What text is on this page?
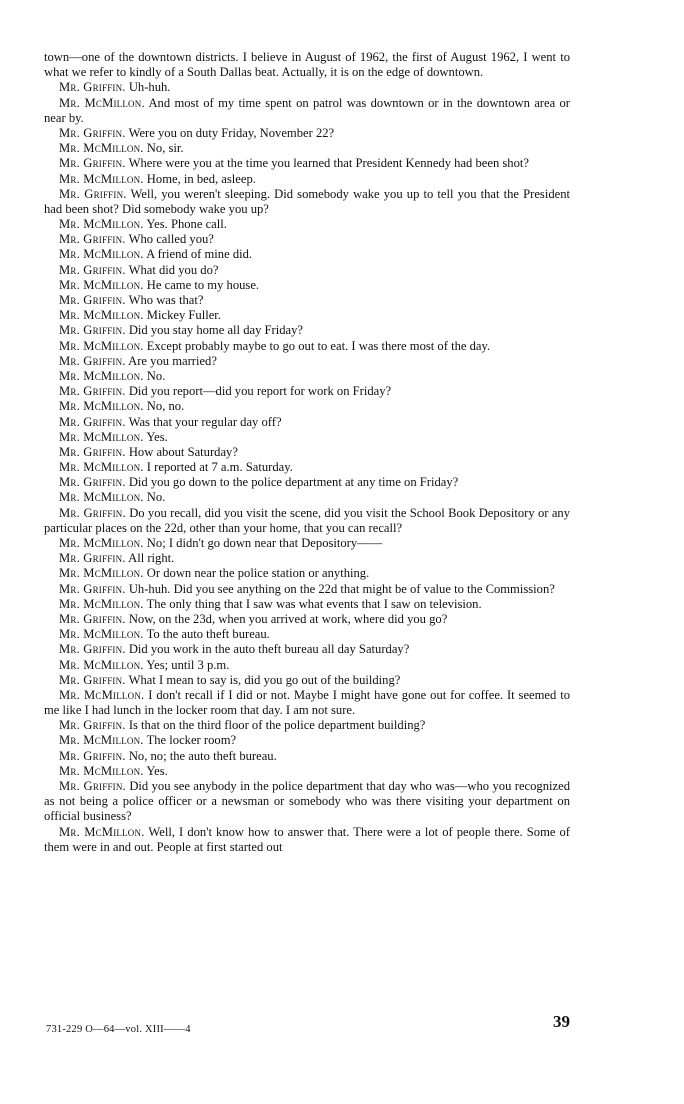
town—one of the downtown districts. I believe in August of 1962, the first of August 1962, I went to what we refer to kindly of a South Dallas beat. Actually, it is on the edge of downtown.

Mr. Griffin. Uh-huh.

Mr. McMillon. And most of my time spent on patrol was downtown or in the downtown area or near by.

Mr. Griffin. Were you on duty Friday, November 22?

Mr. McMillon. No, sir.

Mr. Griffin. Where were you at the time you learned that President Kennedy had been shot?

Mr. McMillon. Home, in bed, asleep.

Mr. Griffin. Well, you weren't sleeping. Did somebody wake you up to tell you that the President had been shot? Did somebody wake you up?

Mr. McMillon. Yes. Phone call.

Mr. Griffin. Who called you?

Mr. McMillon. A friend of mine did.

Mr. Griffin. What did you do?

Mr. McMillon. He came to my house.

Mr. Griffin. Who was that?

Mr. McMillon. Mickey Fuller.

Mr. Griffin. Did you stay home all day Friday?

Mr. McMillon. Except probably maybe to go out to eat. I was there most of the day.

Mr. Griffin. Are you married?

Mr. McMillon. No.

Mr. Griffin. Did you report—did you report for work on Friday?

Mr. McMillon. No, no.

Mr. Griffin. Was that your regular day off?

Mr. McMillon. Yes.

Mr. Griffin. How about Saturday?

Mr. McMillon. I reported at 7 a.m. Saturday.

Mr. Griffin. Did you go down to the police department at any time on Friday?

Mr. McMillon. No.

Mr. Griffin. Do you recall, did you visit the scene, did you visit the School Book Depository or any particular places on the 22d, other than your home, that you can recall?

Mr. McMillon. No; I didn't go down near that Depository——

Mr. Griffin. All right.

Mr. McMillon. Or down near the police station or anything.

Mr. Griffin. Uh-huh. Did you see anything on the 22d that might be of value to the Commission?

Mr. McMillon. The only thing that I saw was what events that I saw on television.

Mr. Griffin. Now, on the 23d, when you arrived at work, where did you go?

Mr. McMillon. To the auto theft bureau.

Mr. Griffin. Did you work in the auto theft bureau all day Saturday?

Mr. McMillon. Yes; until 3 p.m.

Mr. Griffin. What I mean to say is, did you go out of the building?

Mr. McMillon. I don't recall if I did or not. Maybe I might have gone out for coffee. It seemed to me like I had lunch in the locker room that day. I am not sure.

Mr. Griffin. Is that on the third floor of the police department building?

Mr. McMillon. The locker room?

Mr. Griffin. No, no; the auto theft bureau.

Mr. McMillon. Yes.

Mr. Griffin. Did you see anybody in the police department that day who was—who you recognized as not being a police officer or a newsman or somebody who was there visiting your department on official business?

Mr. McMillon. Well, I don't know how to answer that. There were a lot of people there. Some of them were in and out. People at first started out

39
731-229 O—64—vol. XIII——4
